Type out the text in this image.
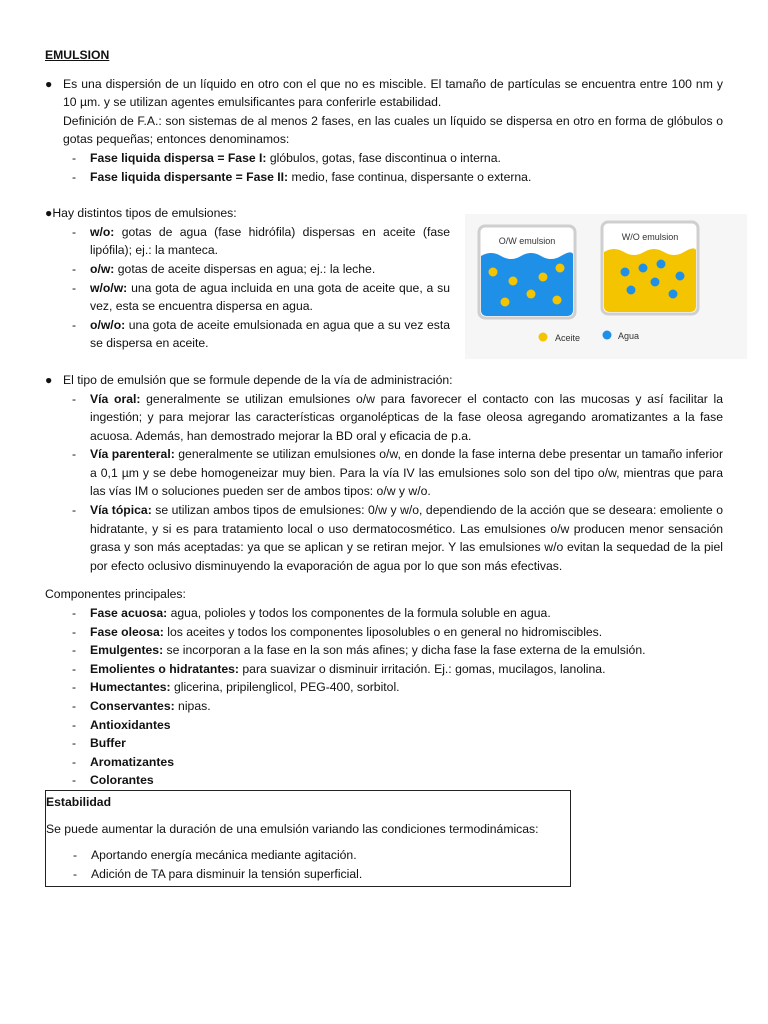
EMULSION
● Es una dispersión de un líquido en otro con el que no es miscible. El tamaño de partículas se encuentra entre 100 nm y 10 µm. y se utilizan agentes emulsificantes para conferirle estabilidad.
Definición de F.A.: son sistemas de al menos 2 fases, en las cuales un líquido se dispersa en otro en forma de glóbulos o gotas pequeñas; entonces denominamos:
- Fase liquida dispersa = Fase I: glóbulos, gotas, fase discontinua o interna.
- Fase liquida dispersante = Fase II: medio, fase continua, dispersante o externa.
●Hay distintos tipos de emulsiones:
- w/o: gotas de agua (fase hidrófila) dispersas en aceite (fase lipófila); ej.: la manteca.
- o/w: gotas de aceite dispersas en agua; ej.: la leche.
- w/o/w: una gota de agua incluida en una gota de aceite que, a su vez, esta se encuentra dispersa en agua.
- o/w/o: una gota de aceite emulsionada en agua que a su vez esta se dispersa en aceite.
O/W emulsion	W/O emulsion
Aceite	Agua
● El tipo de emulsión que se formule depende de la vía de administración:
- Vía oral: generalmente se utilizan emulsiones o/w para favorecer el contacto con las mucosas y así facilitar la ingestión; y para mejorar las características organolépticas de la fase oleosa agregando aromatizantes a la fase acuosa. Además, han demostrado mejorar la BD oral y eficacia de p.a.
- Vía parenteral: generalmente se utilizan emulsiones o/w, en donde la fase interna debe presentar un tamaño inferior a 0,1 µm y se debe homogeneizar muy bien. Para la vía IV las emulsiones solo son del tipo o/w, mientras que para las vías IM o soluciones pueden ser de ambos tipos: o/w y w/o.
- Vía tópica: se utilizan ambos tipos de emulsiones: 0/w y w/o, dependiendo de la acción que se deseara: emoliente o hidratante, y si es para tratamiento local o uso dermatocosmético. Las emulsiones o/w producen menor sensación grasa y son más aceptadas: ya que se aplican y se retiran mejor. Y las emulsiones w/o evitan la sequedad de la piel por efecto oclusivo disminuyendo la evaporación de agua por lo que son más efectivas.
Componentes principales:
- Fase acuosa: agua, polioles y todos los componentes de la formula soluble en agua.
- Fase oleosa: los aceites y todos los componentes liposolubles o en general no hidromiscibles.
- Emulgentes: se incorporan a la fase en la son más afines; y dicha fase la fase externa de la emulsión.
- Emolientes o hidratantes: para suavizar o disminuir irritación. Ej.: gomas, mucilagos, lanolina.
- Humectantes: glicerina, pripilenglicol, PEG-400, sorbitol.
- Conservantes: nipas.
- Antioxidantes
- Buffer
- Aromatizantes
- Colorantes
Estabilidad
Se puede aumentar la duración de una emulsión variando las condiciones termodinámicas:
- Aportando energía mecánica mediante agitación.
- Adición de TA para disminuir la tensión superficial.
